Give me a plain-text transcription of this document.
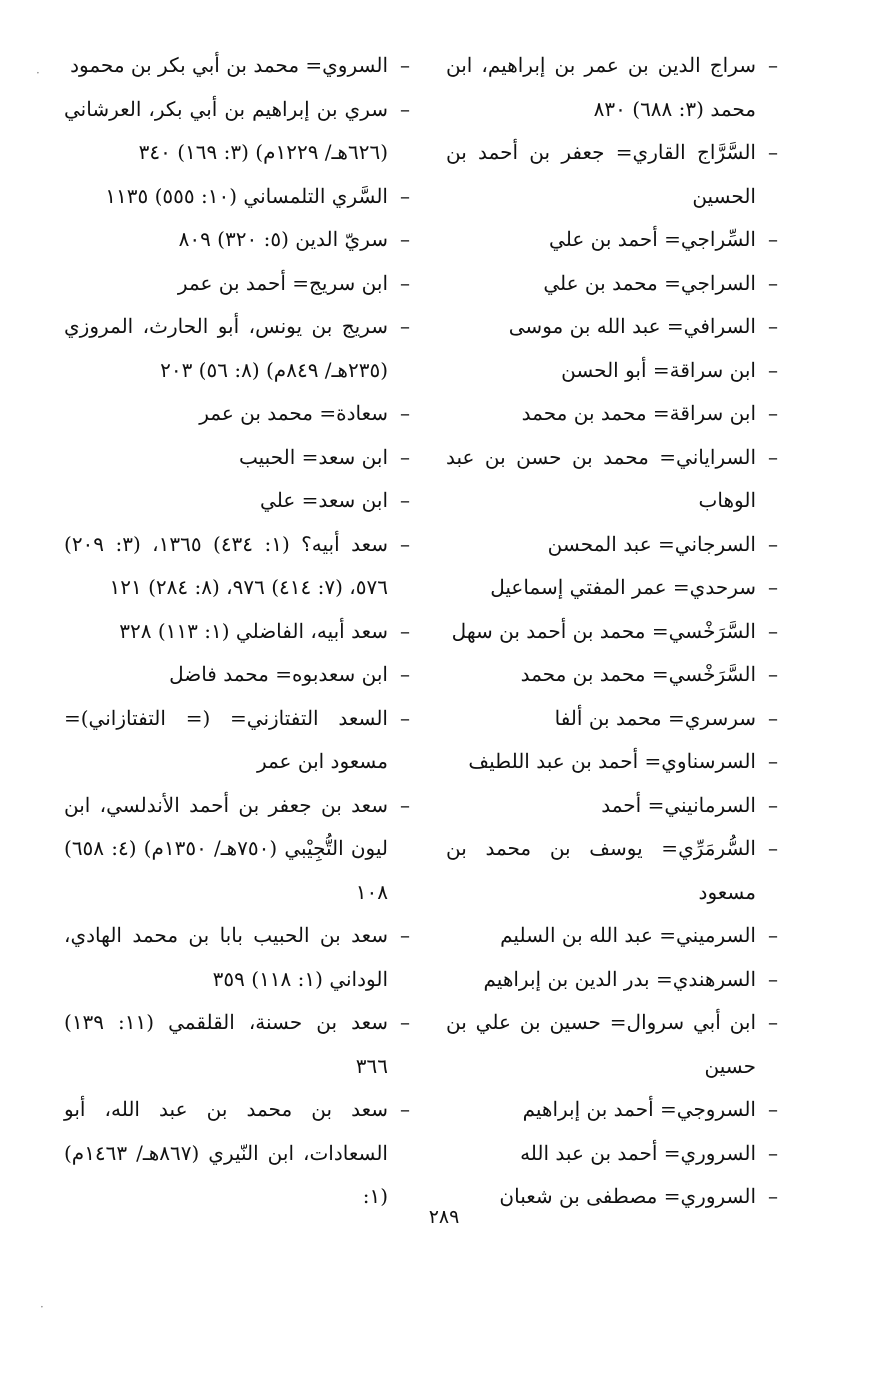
– سراج الدين بن عمر بن إبراهيم، ابن محمد (٣: ٦٨٨) ٨٣٠

– السَّرَّاج القاري= جعفر بن أحمد بن الحسين

– السِّراجي= أحمد بن علي

– السراجي= محمد بن علي

– السرافي= عبد الله بن موسى

– ابن سراقة= أبو الحسن

– ابن سراقة= محمد بن محمد

– السراياني= محمد بن حسن بن عبد الوهاب

– السرجاني= عبد المحسن

– سرحدي= عمر المفتي إسماعيل

– السَّرَخْسي= محمد بن أحمد بن سهل

– السَّرَخْسي= محمد بن محمد

– سرسري= محمد بن ألفا

– السرسناوي= أحمد بن عبد اللطيف

– السرمانيني= أحمد

– السُّرمَرِّي= يوسف بن محمد بن مسعود

– السرميني= عبد الله بن السليم

– السرهندي= بدر الدين بن إبراهيم

– ابن أبي سروال= حسين بن علي بن حسين

– السروجي= أحمد بن إبراهيم

– السروري= أحمد بن عبد الله

– السروري= مصطفى بن شعبان

– السروي= محمد بن أبي بكر بن محمود

– سري بن إبراهيم بن أبي بكر، العرشاني (٦٢٦هـ/ ١٢٢٩م) (٣: ١٦٩) ٣٤٠

– السَّري التلمساني (١٠: ٥٥٥) ١١٣٥

– سريّ الدين (٥: ٣٢٠) ٨٠٩

– ابن سريج= أحمد بن عمر

– سريج بن يونس، أبو الحارث، المروزي (٢٣٥هـ/ ٨٤٩م) (٨: ٥٦) ٢٠٣

– سعادة= محمد بن عمر

– ابن سعد= الحبيب

– ابن سعد= علي

– سعد أبيه؟ (١: ٤٣٤) ١٣٦٥، (٣: ٢٠٩) ٥٧٦، (٧: ٤١٤) ٩٧٦، (٨: ٢٨٤) ١٢١

– سعد أبيه، الفاضلي (١: ١١٣) ٣٢٨

– ابن سعدبوه= محمد فاضل

– السعد التفتازني= (= التفتازاني)= مسعود ابن عمر

– سعد بن جعفر بن أحمد الأندلسي، ابن ليون التُّجِيْبي (٧٥٠هـ/ ١٣٥٠م) (٤: ٦٥٨) ١٠٨

– سعد بن الحبيب بابا بن محمد الهادي، الوداني (١: ١١٨) ٣٥٩

– سعد بن حسنة، القلقمي (١١: ١٣٩) ٣٦٦

– سعد بن محمد بن عبد الله، أبو السعادات، ابن النّيري (٨٦٧هـ/ ١٤٦٣م) (١:

٢٨٩
·
·
